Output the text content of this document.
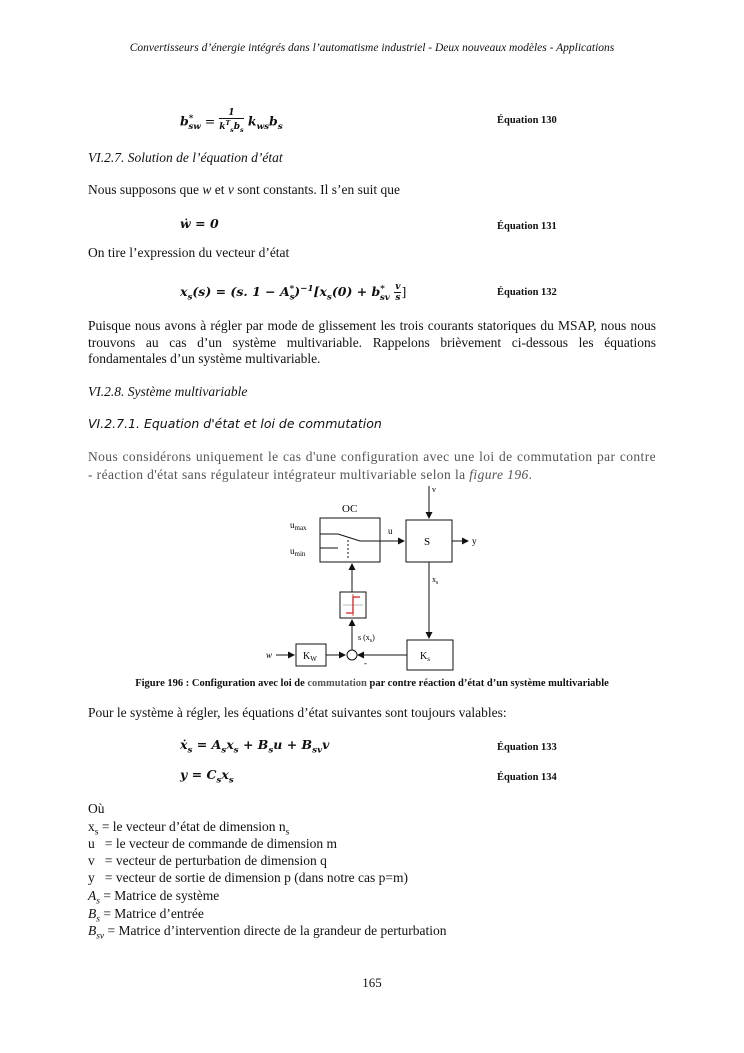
Convertisseurs d’énergie intégrés dans l’automatisme industriel - Deux nouveaux modèles - Applications
$b^*_{sw} = \frac{1}{k^T_sb_s} k_{ws}b_s$
Équation 130
VI.2.7. Solution de l’équation d’état
Nous supposons que w et v sont constants. Il s’en suit que
ẇ = 0	Équation 131
On tire l’expression du vecteur d’état
$x_s(s) = (s$. $1 - A_s^*)^{-1}[x_s(0) + b^*_{sv} \frac{v}{s}$ ]	Équation 132
Puisque nous avons à régler par mode de glissement les trois courants statoriques du MSAP, nous nous trouvons au cas d’un système multivariable. Rappelons brièvement ci-dessous les équations fondamentales d’un système multivariable.
VI.2.8. Système multivariable
VI.2.7.1. Equation d'état et loi de commutation
Nous considérons uniquement le cas d'une configuration avec une loi de commutation par contre - réaction d'état sans régulateur intégrateur multivariable selon la figure 196.
OC
$u_{max}$
$u_{min}$
u
S
v
y
$x_s$
$K_s$
-
w	$K_W$
s $(x_s)$
Figure 196 : Configuration avec loi de commutation par contre réaction d’état d’un système multivariable
Pour le système à régler, les équations d’état suivantes sont toujours valables:
ẋ$_s$ = $A_sx_s + B_su + B_{sv}v$	Équation 133
$y = C_sx_s$	Équation 134
Où
$x_s$ = le vecteur d’état de dimension $n_s$
u   = le vecteur de commande de dimension m
v   = vecteur de perturbation de dimension q
y   = vecteur de sortie de dimension p (dans notre cas p=m)
$A_s$ = Matrice de système
$B_s$ = Matrice d’entrée
$B_{sv}$ = Matrice d’intervention directe de la grandeur de perturbation
165
